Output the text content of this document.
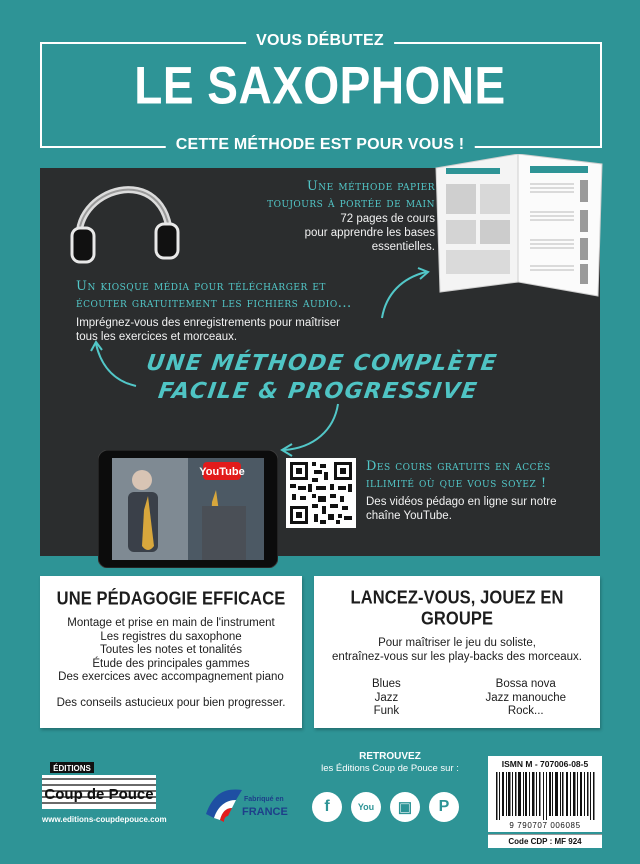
VOUS DÉBUTEZ
LE SAXOPHONE
CETTE MÉTHODE EST POUR VOUS !
Une méthode papier
toujours à portée de main
72 pages de cours
pour apprendre les bases essentielles.
Un kiosque média pour télécharger et
écouter gratuitement les fichiers audio...
Imprégnez-vous des enregistrements pour maîtriser
tous les exercices et morceaux.
UNE MÉTHODE COMPLÈTE
FACILE & PROGRESSIVE
YouTube	Des cours gratuits en accès
illimité où que vous soyez !
Des vidéos pédago en ligne sur notre
chaîne YouTube.
UNE PÉDAGOGIE EFFICACE
Montage et prise en main de l'instrument
Les registres du saxophone
Toutes les notes et tonalités
Étude des principales gammes
Des exercices avec accompagnement piano
Des conseils astucieux pour bien progresser.
LANCEZ-VOUS, JOUEZ EN GROUPE
Pour maîtriser le jeu du soliste,
entraînez-vous sur les play-backs des morceaux.
Blues
Jazz
Funk
Bossa nova
Jazz manouche
Rock...
ÉDITIONS
Coup de Pouce
www.editions-coupdepouce.com
Fabriqué en
FRANCE
RETROUVEZ
les Éditions Coup de Pouce sur :
f	You ▣ P
ISMN M - 707006-08-5
9 790707 006085
Code CDP : MF 924
